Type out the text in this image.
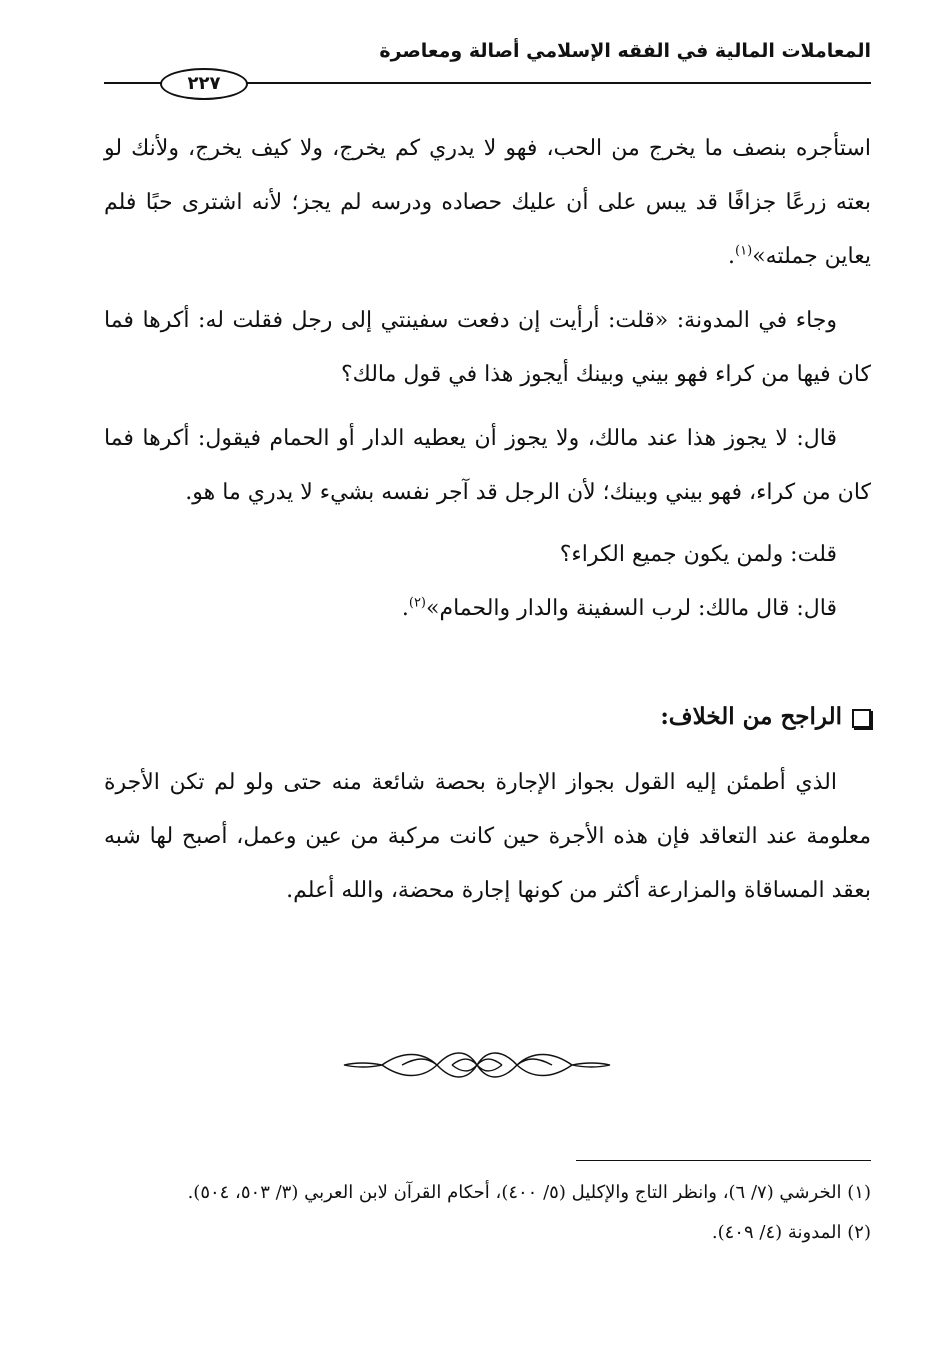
المعاملات المالية في الفقه الإسلامي أصالة ومعاصرة
٢٢٧

استأجره بنصف ما يخرج من الحب، فهو لا يدري كم يخرج، ولا كيف يخرج، ولأنك لو بعته زرعًا جزافًا قد يبس على أن عليك حصاده ودرسه لم يجز؛ لأنه اشترى حبًا فلم يعاين جملته»$^{(١)}$.

وجاء في المدونة: «قلت: أرأيت إن دفعت سفينتي إلى رجل فقلت له: أكرها فما كان فيها من كراء فهو بيني وبينك أيجوز هذا في قول مالك؟

قال: لا يجوز هذا عند مالك، ولا يجوز أن يعطيه الدار أو الحمام فيقول: أكرها فما كان من كراء، فهو بيني وبينك؛ لأن الرجل قد آجر نفسه بشيء لا يدري ما هو.

قلت: ولمن يكون جميع الكراء؟

قال: قال مالك: لرب السفينة والدار والحمام»$^{(٢)}$.

الراجح من الخلاف:

الذي أطمئن إليه القول بجواز الإجارة بحصة شائعة منه حتى ولو لم تكن الأجرة معلومة عند التعاقد فإن هذه الأجرة حين كانت مركبة من عين وعمل، أصبح لها شبه بعقد المساقاة والمزارعة أكثر من كونها إجارة محضة، والله أعلم.

(١) الخرشي (٧/ ٦)، وانظر التاج والإكليل (٥/ ٤٠٠)، أحكام القرآن لابن العربي (٣/ ٥٠٣، ٥٠٤).

(٢) المدونة (٤/ ٤٠٩).
